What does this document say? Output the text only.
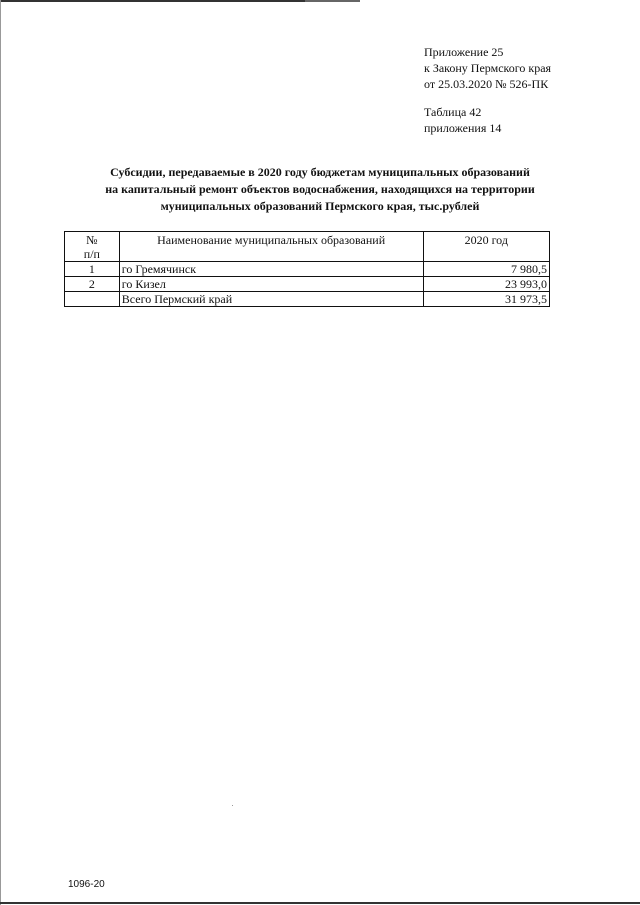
Приложение 25
к Закону Пермского края
от 25.03.2020 № 526-ПК
Таблица 42
приложения 14
Субсидии, передаваемые в 2020 году бюджетам муниципальных образований
на капитальный ремонт объектов водоснабжения, находящихся на территории
муниципальных образований Пермского края, тыс.рублей
№
п/п	Наименование муниципальных образований	2020 год
1	го Гремячинск	7 980,5
2	го Кизел	23 993,0
	Всего Пермский край	31 973,5
1096-20
